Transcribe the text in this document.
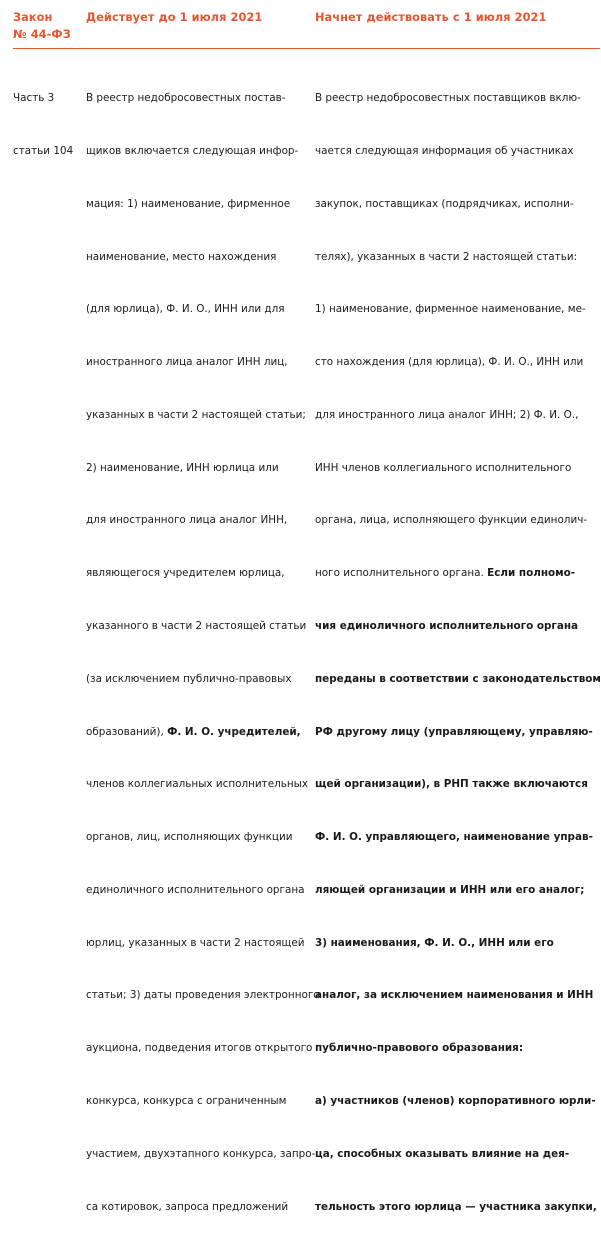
Закон
№ 44-ФЗ
Действует до 1 июля 2021	Начнет действовать с 1 июля 2021

Часть 3

статьи 104

В реестр недобросовестных постав-

щиков включается следующая инфор-

мация: 1) наименование, фирменное

наименование, место нахождения

(для юрлица), Ф. И. О., ИНН или для

иностранного лица аналог ИНН лиц,

указанных в части 2 настоящей статьи;

2) наименование, ИНН юрлица или

для иностранного лица аналог ИНН,

являющегося учредителем юрлица,

указанного в части 2 настоящей статьи

(за исключением публично-правовых

образований), Ф. И. О. учредителей,

членов коллегиальных исполнительных

органов, лиц, исполняющих функции

единоличного исполнительного органа

юрлиц, указанных в части 2 настоящей

статьи; 3) даты проведения электронного

аукциона, подведения итогов открытого

конкурса, конкурса с ограниченным

участием, двухэтапного конкурса, запро-

са котировок, запроса предложений

В реестр недобросовестных поставщиков вклю-

чается следующая информация об участниках

закупок, поставщиках (подрядчиках, исполни-

телях), указанных в части 2 настоящей статьи:

1) наименование, фирменное наименование, ме-

сто нахождения (для юрлица), Ф. И. О., ИНН или

для иностранного лица аналог ИНН; 2) Ф. И. О.,

ИНН членов коллегиального исполнительного

органа, лица, исполняющего функции единолич-

ного исполнительного органа. Если полномо-

чия единоличного исполнительного органа

переданы в соответствии с законодательством

РФ другому лицу (управляющему, управляю-

щей организации), в РНП также включаются

Ф. И. О. управляющего, наименование управ-

ляющей организации и ИНН или его аналог;

3) наименования, Ф. И. О., ИНН или его

аналог, за исключением наименования и ИНН

публично-правового образования:

а) участников (членов) корпоративного юрли-

ца, способных оказывать влияние на дея-

тельность этого юрлица — участника закупки,
